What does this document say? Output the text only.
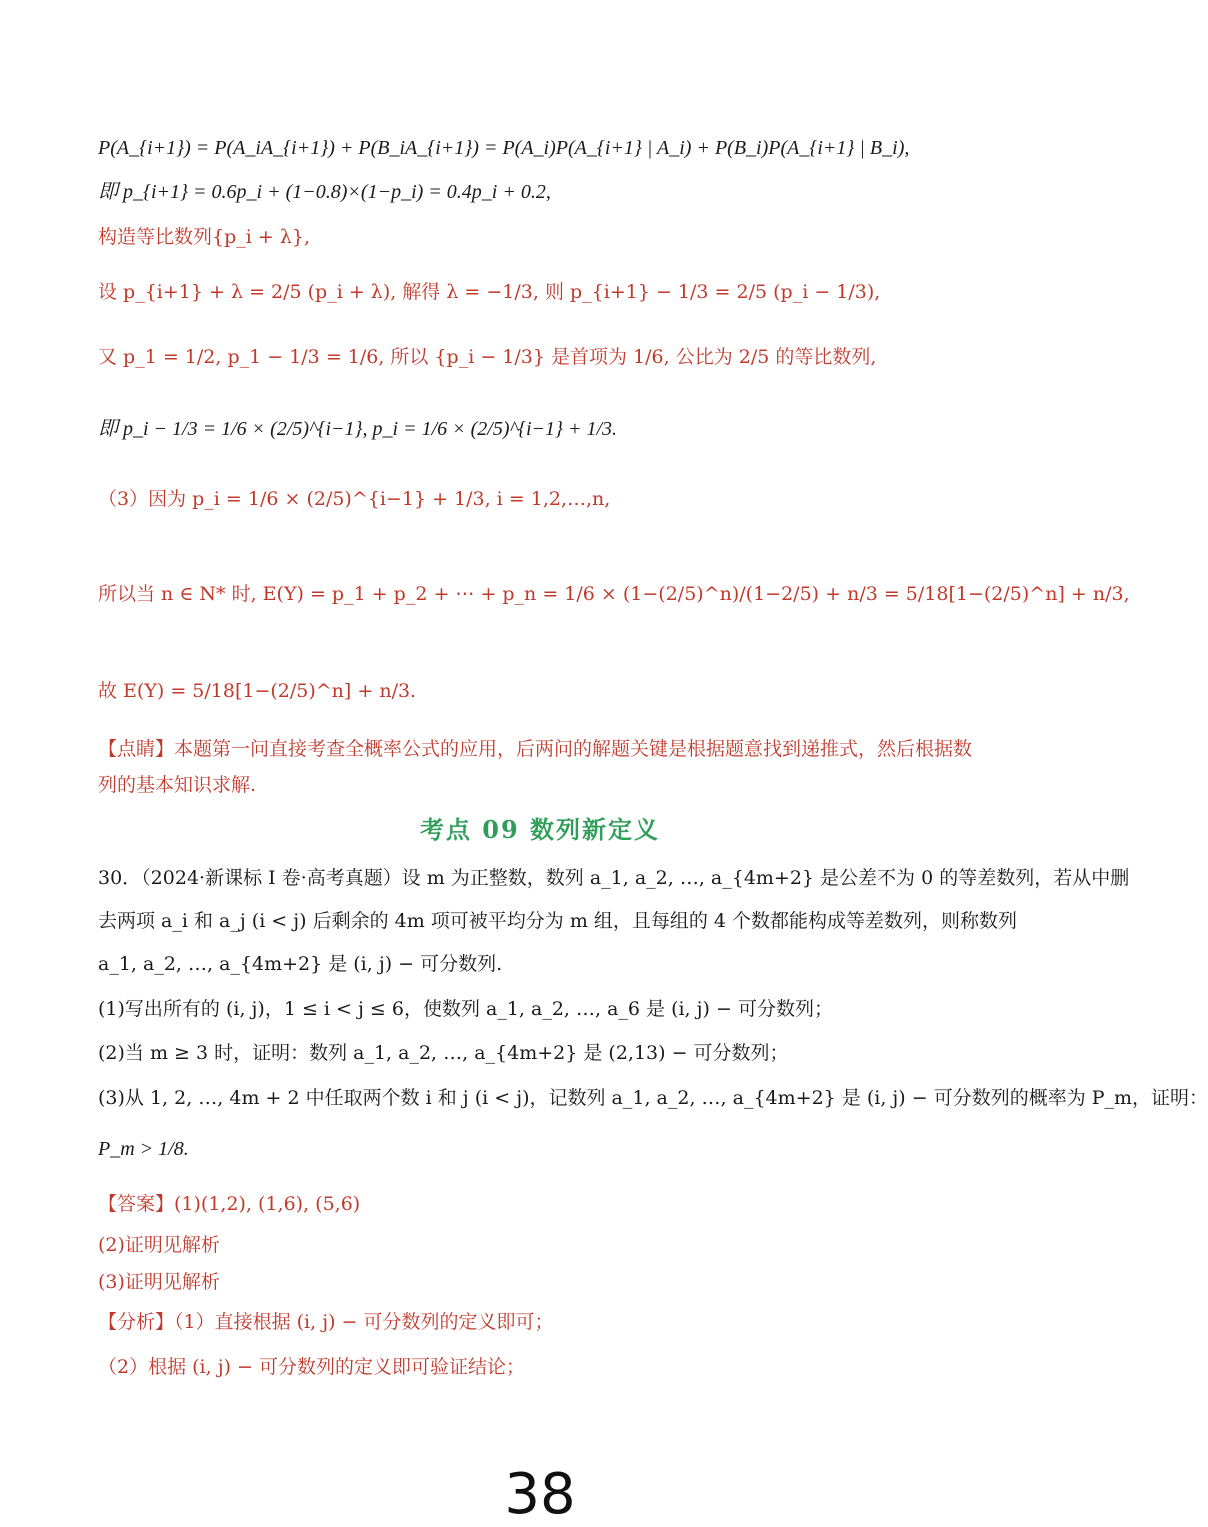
P(A_{i+1}) = P(A_iA_{i+1}) + P(B_iA_{i+1}) = P(A_i)P(A_{i+1} | A_i) + P(B_i)P(A_{i+1} | B_i),
即 p_{i+1} = 0.6p_i + (1−0.8)×(1−p_i) = 0.4p_i + 0.2,
构造等比数列{p_i + λ},
设 p_{i+1} + λ = 2/5 (p_i + λ), 解得 λ = −1/3, 则 p_{i+1} − 1/3 = 2/5 (p_i − 1/3),
又 p_1 = 1/2, p_1 − 1/3 = 1/6, 所以 {p_i − 1/3} 是首项为 1/6, 公比为 2/5 的等比数列,
即 p_i − 1/3 = 1/6 × (2/5)^{i−1}, p_i = 1/6 × (2/5)^{i−1} + 1/3.
（3）因为 p_i = 1/6 × (2/5)^{i−1} + 1/3, i = 1,2,…,n,
所以当 n ∈ N* 时, E(Y) = p_1 + p_2 + ⋯ + p_n = 1/6 × (1−(2/5)^n)/(1−2/5) + n/3 = 5/18[1−(2/5)^n] + n/3,
故 E(Y) = 5/18[1−(2/5)^n] + n/3.
【点睛】本题第一问直接考查全概率公式的应用，后两问的解题关键是根据题意找到递推式，然后根据数
列的基本知识求解.
考点 09 数列新定义
30．（2024·新课标 I 卷·高考真题）设 m 为正整数，数列 a_1, a_2, …, a_{4m+2} 是公差不为 0 的等差数列，若从中删
去两项 a_i 和 a_j (i < j) 后剩余的 4m 项可被平均分为 m 组，且每组的 4 个数都能构成等差数列，则称数列
a_1, a_2, …, a_{4m+2} 是 (i, j) − 可分数列.
(1)写出所有的 (i, j)，1 ≤ i < j ≤ 6，使数列 a_1, a_2, …, a_6 是 (i, j) − 可分数列；
(2)当 m ≥ 3 时，证明：数列 a_1, a_2, …, a_{4m+2} 是 (2,13) − 可分数列；
(3)从 1, 2, …, 4m + 2 中任取两个数 i 和 j (i < j)，记数列 a_1, a_2, …, a_{4m+2} 是 (i, j) − 可分数列的概率为 P_m，证明：
P_m > 1/8.
【答案】(1)(1,2), (1,6), (5,6)
(2)证明见解析
(3)证明见解析
【分析】（1）直接根据 (i, j) − 可分数列的定义即可；
（2）根据 (i, j) − 可分数列的定义即可验证结论；
38
